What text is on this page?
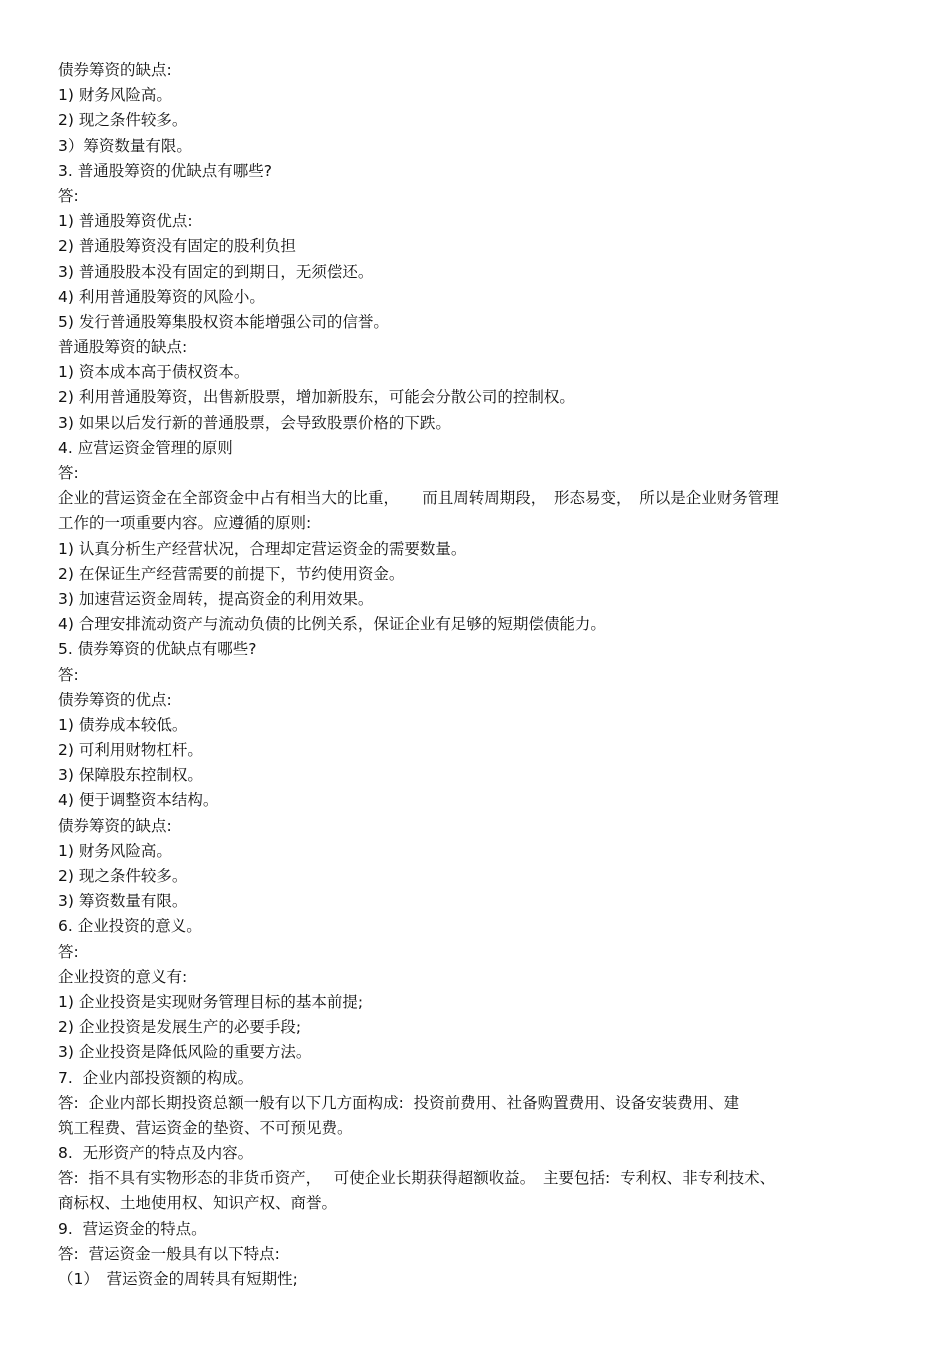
债券筹资的缺点:
1) 财务风险高。
2) 现之条件较多。
3）筹资数量有限。
3. 普通股筹资的优缺点有哪些?
答:
1) 普通股筹资优点:
2) 普通股筹资没有固定的股利负担
3) 普通股股本没有固定的到期日，无须偿还。
4) 利用普通股筹资的风险小。
5) 发行普通股筹集股权资本能增强公司的信誉。
普通股筹资的缺点:
1) 资本成本高于债权资本。
2) 利用普通股筹资，出售新股票，增加新股东，可能会分散公司的控制权。
3) 如果以后发行新的普通股票，会导致股票价格的下跌。
4. 应营运资金管理的原则
答:
企业的营运资金在全部资金中占有相当大的比重，　　而且周转周期段，　形态易变，　所以是企业财务管理
工作的一项重要内容。应遵循的原则:
1) 认真分析生产经营状况，合理却定营运资金的需要数量。
2) 在保证生产经营需要的前提下，节约使用资金。
3) 加速营运资金周转，提高资金的利用效果。
4) 合理安排流动资产与流动负债的比例关系，保证企业有足够的短期偿债能力。
5. 债券筹资的优缺点有哪些?
答:
债券筹资的优点:
1) 债券成本较低。
2) 可利用财物杠杆。
3) 保障股东控制权。
4) 便于调整资本结构。
债券筹资的缺点:
1) 财务风险高。
2) 现之条件较多。
3) 筹资数量有限。
6. 企业投资的意义。
答:
企业投资的意义有:
1) 企业投资是实现财务管理目标的基本前提;
2) 企业投资是发展生产的必要手段;
3) 企业投资是降低风险的重要方法。
7.  企业内部投资额的构成。
答:  企业内部长期投资总额一般有以下几方面构成:  投资前费用、社备购置费用、设备安装费用、建
筑工程费、营运资金的垫资、不可预见费。
8.  无形资产的特点及内容。
答:  指不具有实物形态的非货币资产，　 可使企业长期获得超额收益。　主要包括:  专利权、非专利技术、
商标权、土地使用权、知识产权、商誉。
9.  营运资金的特点。
答:  营运资金一般具有以下特点:
（1）　营运资金的周转具有短期性;
